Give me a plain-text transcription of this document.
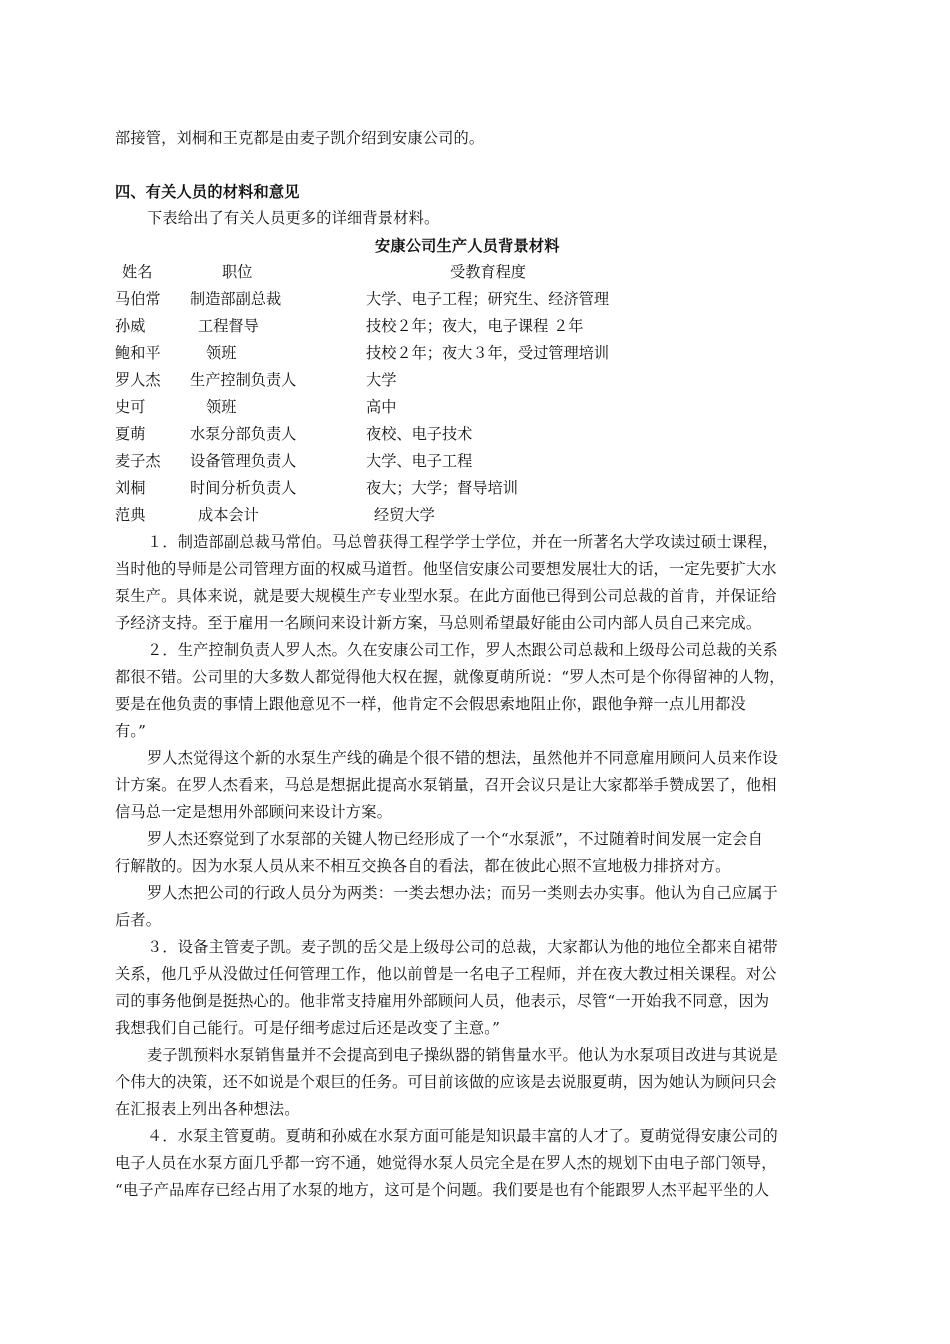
部接管，刘桐和王克都是由麦子凯介绍到安康公司的。
四、有关人员的材料和意见
下表给出了有关人员更多的详细背景材料。
安康公司生产人员背景材料
姓名	职位	受教育程度
马伯常 制造部副总裁	大学、电子工程；研究生、经济管理
孙威	工程督导	技校２年；夜大，电子课程 ２年
鲍和平	领班	技校２年；夜大３年，受过管理培训
罗人杰 生产控制负责人	大学
史可	领班	高中
夏萌	水泵分部负责人	夜校、电子技术
麦子杰 设备管理负责人	大学、电子工程
刘桐	时间分析负责人	夜大；大学；督导培训
范典	成本会计	经贸大学
１．制造部副总裁马常伯。马总曾获得工程学学士学位，并在一所著名大学攻读过硕士课程，
当时他的导师是公司管理方面的权威马道哲。他坚信安康公司要想发展壮大的话，一定先要扩大水
泵生产。具体来说，就是要大规模生产专业型水泵。在此方面他已得到公司总裁的首肯，并保证给
予经济支持。至于雇用一名顾问来设计新方案，马总则希望最好能由公司内部人员自己来完成。
２．生产控制负责人罗人杰。久在安康公司工作，罗人杰跟公司总裁和上级母公司总裁的关系
都很不错。公司里的大多数人都觉得他大权在握，就像夏萌所说：“罗人杰可是个你得留神的人物，
要是在他负责的事情上跟他意见不一样，他肯定不会假思索地阻止你，跟他争辩一点儿用都没
有。”
罗人杰觉得这个新的水泵生产线的确是个很不错的想法，虽然他并不同意雇用顾问人员来作设
计方案。在罗人杰看来，马总是想据此提高水泵销量，召开会议只是让大家都举手赞成罢了，他相
信马总一定是想用外部顾问来设计方案。
罗人杰还察觉到了水泵部的关键人物已经形成了一个“水泵派”，不过随着时间发展一定会自
行解散的。因为水泵人员从来不相互交换各自的看法，都在彼此心照不宣地极力排挤对方。
罗人杰把公司的行政人员分为两类：一类去想办法；而另一类则去办实事。他认为自己应属于
后者。
３．设备主管麦子凯。麦子凯的岳父是上级母公司的总裁，大家都认为他的地位全都来自裙带
关系，他几乎从没做过任何管理工作，他以前曾是一名电子工程师，并在夜大教过相关课程。对公
司的事务他倒是挺热心的。他非常支持雇用外部顾问人员，他表示，尽管“一开始我不同意，因为
我想我们自己能行。可是仔细考虑过后还是改变了主意。”
麦子凯预料水泵销售量并不会提高到电子操纵器的销售量水平。他认为水泵项目改进与其说是
个伟大的决策，还不如说是个艰巨的任务。可目前该做的应该是去说服夏萌，因为她认为顾问只会
在汇报表上列出各种想法。
４．水泵主管夏萌。夏萌和孙威在水泵方面可能是知识最丰富的人才了。夏萌觉得安康公司的
电子人员在水泵方面几乎都一窍不通，她觉得水泵人员完全是在罗人杰的规划下由电子部门领导，
“电子产品库存已经占用了水泵的地方，这可是个问题。我们要是也有个能跟罗人杰平起平坐的人
